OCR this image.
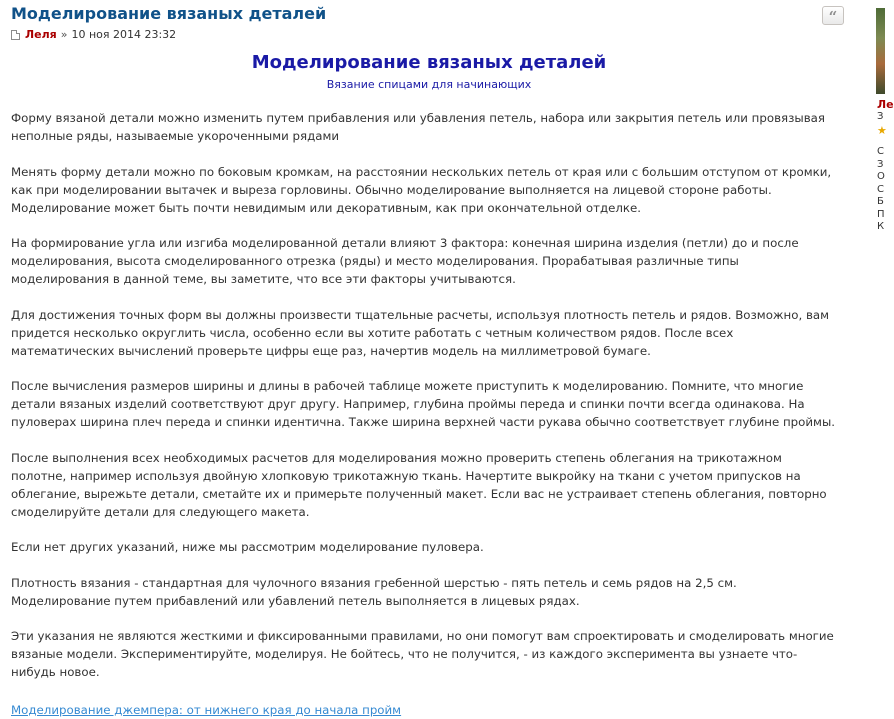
Моделирование вязаных деталей	“
Леля » 10 ноя 2014 23:32
Моделирование вязаных деталей
Вязание спицами для начинающих

Форму вязаной детали можно изменить путем прибавления или убавления петель, набора или закрытия петель или провязывая неполные ряды, называемые укороченными рядами

Менять форму детали можно по боковым кромкам, на расстоянии нескольких петель от края или с большим отступом от кромки, как при моделировании вытачек и выреза горловины. Обычно моделирование выполняется на лицевой стороне работы. Моделирование может быть почти невидимым или декоративным, как при окончательной отделке.

На формирование угла или изгиба моделированной детали влияют 3 фактора: конечная ширина изделия (петли) до и после моделирования, высота смоделированного отрезка (ряды) и место моделирования. Прорабатывая различные типы моделирования в данной теме, вы заметите, что все эти факторы учитываются.

Для достижения точных форм вы должны произвести тщательные расчеты, используя плотность петель и рядов. Возможно, вам придется несколько округлить числа, особенно если вы хотите работать с четным количеством рядов. После всех математических вычислений проверьте цифры еще раз, начертив модель на миллиметровой бумаге.

После вычисления размеров ширины и длины в рабочей таблице можете приступить к моделированию. Помните, что многие детали вязаных изделий соответствуют друг другу. Например, глубина проймы переда и спинки почти всегда одинакова. На пуловерах ширина плеч переда и спинки идентична. Также ширина верхней части рукава обычно соответствует глубине проймы.

После выполнения всех необходимых расчетов для моделирования можно проверить степень облегания на трикотажном полотне, например используя двойную хлопковую трикотажную ткань. Начертите выкройку на ткани с учетом припусков на облегание, вырежьте детали, сметайте их и примерьте полученный макет. Если вас не устраивает степень облегания, повторно смоделируйте детали для следующего макета.

Если нет других указаний, ниже мы рассмотрим моделирование пуловера.

Плотность вязания - стандартная для чулочного вязания гребенной шерстью - пять петель и семь рядов на 2,5 см. Моделирование путем прибавлений или убавлений петель выполняется в лицевых рядах.

Эти указания не являются жесткими и фиксированными правилами, но они помогут вам спроектировать и смоделировать многие вязаные модели. Экспериментируйте, моделируя. Не бойтесь, что не получится, - из каждого эксперимента вы узнаете что-нибудь новое.

Моделирование джемпера: от нижнего края до начала пройм
Ле
З
★
С
З
О
С
Б
П
К
